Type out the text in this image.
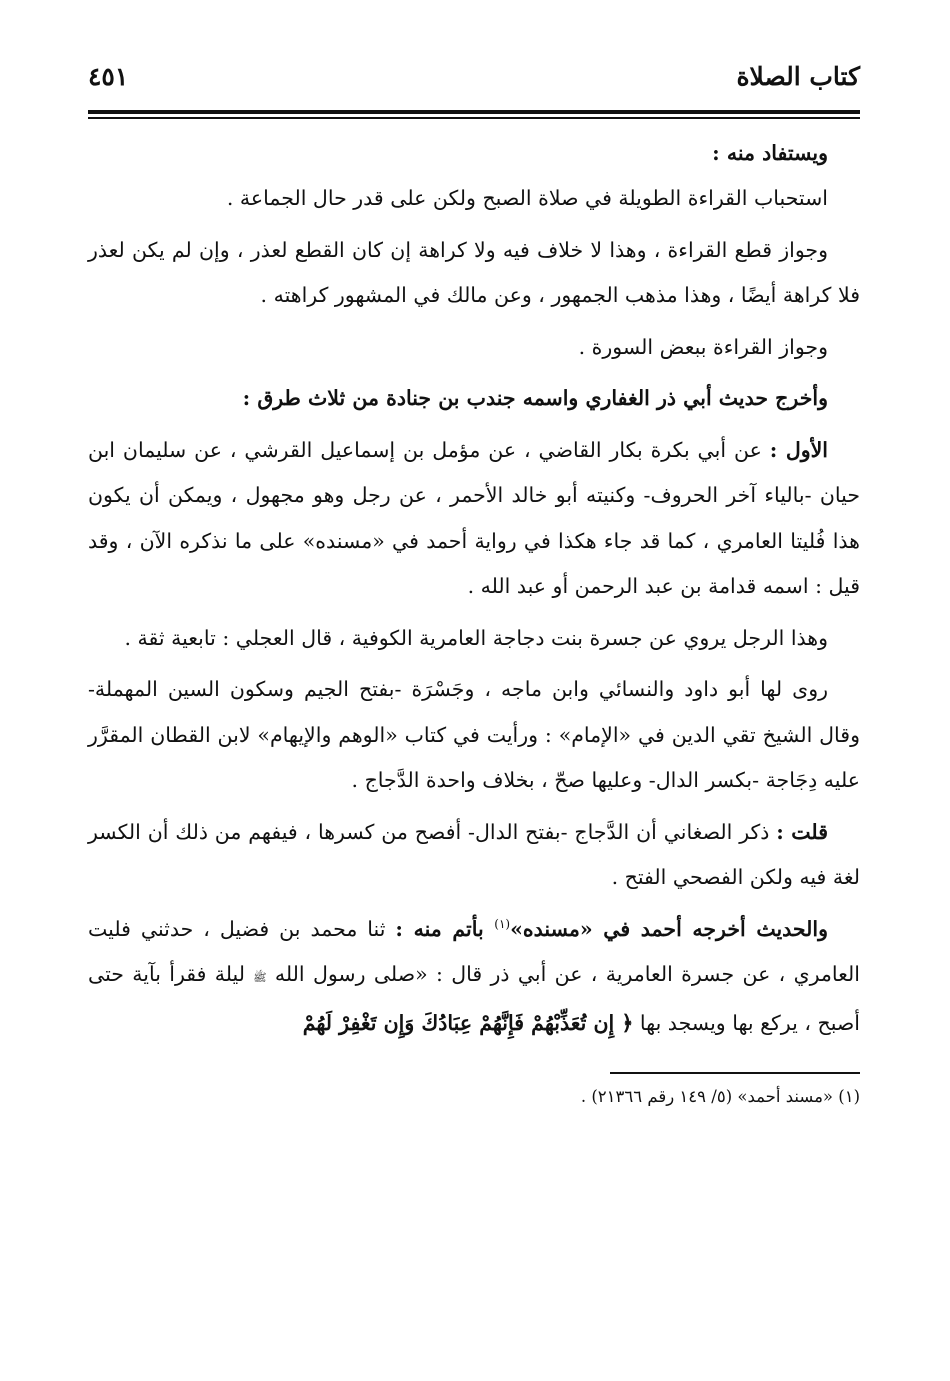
كتاب الصلاة
٤٥١

ويستفاد منه :

استحباب القراءة الطويلة في صلاة الصبح ولكن على قدر حال الجماعة .

وجواز قطع القراءة ، وهذا لا خلاف فيه ولا كراهة إن كان القطع لعذر ، وإن لم يكن لعذر فلا كراهة أيضًا ، وهذا مذهب الجمهور ، وعن مالك في المشهور كراهته .

وجواز القراءة ببعض السورة .

وأخرج حديث أبي ذر الغفاري واسمه جندب بن جنادة من ثلاث طرق :

الأول : عن أبي بكرة بكار القاضي ، عن مؤمل بن إسماعيل القرشي ، عن سليمان ابن حيان -بالياء آخر الحروف- وكنيته أبو خالد الأحمر ، عن رجل وهو مجهول ، ويمكن أن يكون هذا فُليتا العامري ، كما قد جاء هكذا في رواية أحمد في «مسنده» على ما نذكره الآن ، وقد قيل : اسمه قدامة بن عبد الرحمن أو عبد الله .

وهذا الرجل يروي عن جسرة بنت دجاجة العامرية الكوفية ، قال العجلي : تابعية ثقة .

روى لها أبو داود والنسائي وابن ماجه ، وجَسْرَة -بفتح الجيم وسكون السين المهملة- وقال الشيخ تقي الدين في «الإمام» : ورأيت في كتاب «الوهم والإيهام» لابن القطان المقرَّر عليه دِجَاجة -بكسر الدال- وعليها صحّ ، بخلاف واحدة الدَّجاج .

قلت : ذكر الصغاني أن الدَّجاج -بفتح الدال- أفصح من كسرها ، فيفهم من ذلك أن الكسر لغة فيه ولكن الفصحي الفتح .

والحديث أخرجه أحمد في «مسنده»$^{(١)}$ بأتم منه : ثنا محمد بن فضيل ، حدثني فليت العامري ، عن جسرة العامرية ، عن أبي ذر قال : «صلى رسول الله ﷺ ليلة فقرأ بآية حتى أصبح ، يركع بها ويسجد بها ﴿ إِن تُعَذِّبْهُمْ فَإِنَّهُمْ عِبَادُكَ وَإِن تَغْفِرْ لَهُمْ

(١) «مسند أحمد» (٥/ ١٤٩ رقم ٢١٣٦٦) .
